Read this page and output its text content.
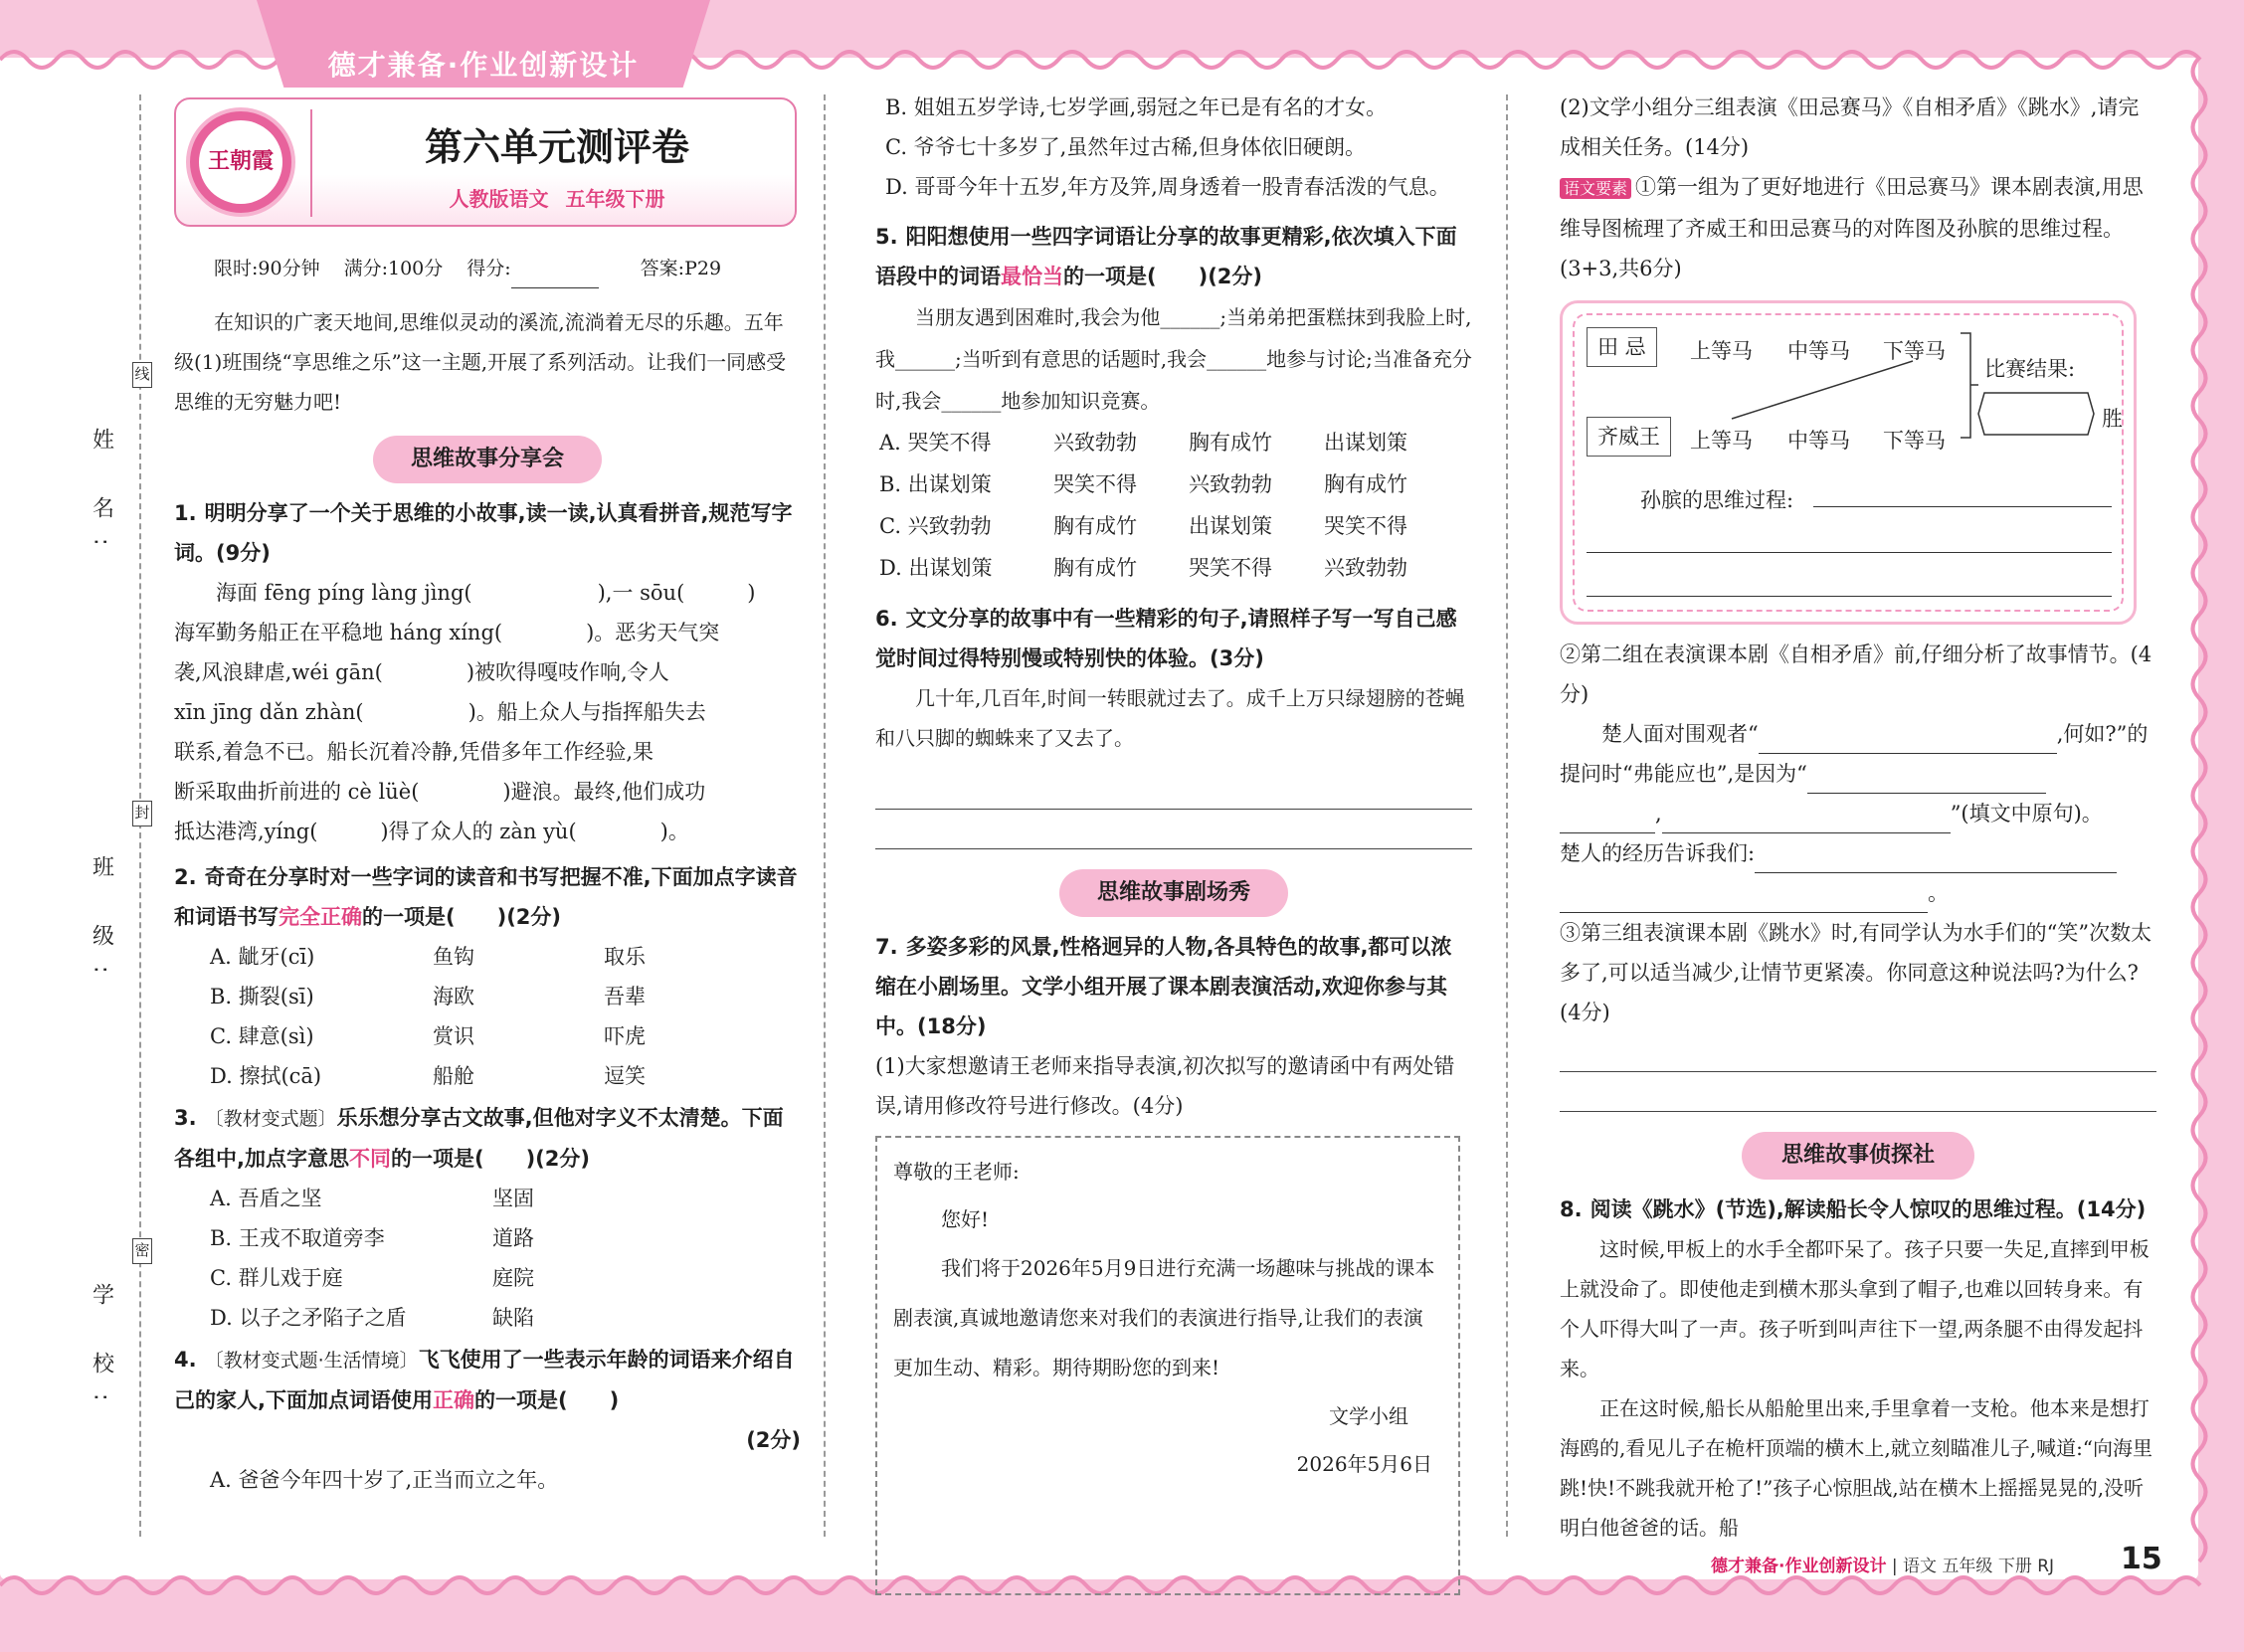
德才兼备·作业创新设计
姓 名:
班 级:
学 校:
线
封
密
王朝霞	第六单元测评卷
人教版语文 五年级下册
限时:90分钟 满分:100分 得分:	答案:P29
在知识的广袤天地间,思维似灵动的溪流,流淌着无尽的乐趣。五年级(1)班围绕“享思维之乐”这一主题,开展了系列活动。让我们一同感受思维的无穷魅力吧!
思维故事分享会
1. 明明分享了一个关于思维的小故事,读一读,认真看拼音,规范写字词。(9分)
海面 fēng píng làng jìng(　　　　　　),一 sōu(　　　)
海军勤务船正在平稳地 háng xíng(　　　　)。恶劣天气突
袭,风浪肆虐,wéi gān(　　　　)被吹得嘎吱作响,令人
xīn jīng dǎn zhàn(　　　　　)。船上众人与指挥船失去
联系,着急不已。船长沉着冷静,凭借多年工作经验,果
断采取曲折前进的 cè lüè(　　　　)避浪。最终,他们成功
抵达港湾,yíng(　　　)得了众人的 zàn yù(　　　　)。
2. 奇奇在分享时对一些字词的读音和书写把握不准,下面加点字读音和词语书写完全正确的一项是(　　)(2分)
A. 龇牙(cī)	鱼钩	取乐
B. 撕裂(sī)	海欧	吾辈
C. 肆意(sì)	赏识	吓虎
D. 擦拭(cā)	船舱	逗笑
3. 〔教材变式题〕乐乐想分享古文故事,但他对字义不太清楚。下面各组中,加点字意思不同的一项是(　　)(2分)
A. 吾盾之坚	坚固
B. 王戎不取道旁李	道路
C. 群儿戏于庭	庭院
D. 以子之矛陷子之盾	缺陷
4. 〔教材变式题·生活情境〕飞飞使用了一些表示年龄的词语来介绍自己的家人,下面加点词语使用正确的一项是(　　)
(2分)
A. 爸爸今年四十岁了,正当而立之年。
B. 姐姐五岁学诗,七岁学画,弱冠之年已是有名的才女。
C. 爷爷七十多岁了,虽然年过古稀,但身体依旧硬朗。
D. 哥哥今年十五岁,年方及笄,周身透着一股青春活泼的气息。
5. 阳阳想使用一些四字词语让分享的故事更精彩,依次填入下面语段中的词语最恰当的一项是(　　)(2分)
当朋友遇到困难时,我会为他______;当弟弟把蛋糕抹到我脸上时,我______;当听到有意思的话题时,我会______地参与讨论;当准备充分时,我会______地参加知识竞赛。
A. 哭笑不得	兴致勃勃	胸有成竹	出谋划策
B. 出谋划策	哭笑不得	兴致勃勃	胸有成竹
C. 兴致勃勃	胸有成竹	出谋划策	哭笑不得
D. 出谋划策	胸有成竹	哭笑不得	兴致勃勃
6. 文文分享的故事中有一些精彩的句子,请照样子写一写自己感觉时间过得特别慢或特别快的体验。(3分)
几十年,几百年,时间一转眼就过去了。成千上万只绿翅膀的苍蝇和八只脚的蜘蛛来了又去了。
思维故事剧场秀
7. 多姿多彩的风景,性格迥异的人物,各具特色的故事,都可以浓缩在小剧场里。文学小组开展了课本剧表演活动,欢迎你参与其中。(18分)
(1)大家想邀请王老师来指导表演,初次拟写的邀请函中有两处错误,请用修改符号进行修改。(4分)
尊敬的王老师:
您好!
我们将于2026年5月9日进行充满一场趣味与挑战的课本剧表演,真诚地邀请您来对我们的表演进行指导,让我们的表演更加生动、精彩。期待期盼您的到来!
文学小组
2026年5月6日
(2)文学小组分三组表演《田忌赛马》《自相矛盾》《跳水》,请完成相关任务。(14分)
语文要素 ①第一组为了更好地进行《田忌赛马》课本剧表演,用思维导图梳理了齐威王和田忌赛马的对阵图及孙膑的思维过程。(3+3,共6分)
田 忌	上等马 中等马 下等马
齐威王	上等马 中等马 下等马
比赛结果:
胜
孙膑的思维过程:
②第二组在表演课本剧《自相矛盾》前,仔细分析了故事情节。(4分)
楚人面对围观者“	,何如?”的提问时“弗能应也”,是因为“
,	”(填文中原句)。
楚人的经历告诉我们:
。
③第三组表演课本剧《跳水》时,有同学认为水手们的“笑”次数太多了,可以适当减少,让情节更紧凑。你同意这种说法吗?为什么?(4分)
思维故事侦探社
8. 阅读《跳水》(节选),解读船长令人惊叹的思维过程。(14分)
这时候,甲板上的水手全都吓呆了。孩子只要一失足,直摔到甲板上就没命了。即使他走到横木那头拿到了帽子,也难以回转身来。有个人吓得大叫了一声。孩子听到叫声往下一望,两条腿不由得发起抖来。
正在这时候,船长从船舱里出来,手里拿着一支枪。他本来是想打海鸥的,看见儿子在桅杆顶端的横木上,就立刻瞄准儿子,喊道:“向海里跳!快!不跳我就开枪了!”孩子心惊胆战,站在横木上摇摇晃晃的,没听明白他爸爸的话。船
德才兼备·作业创新设计 | 语文 五年级 下册 RJ 15
